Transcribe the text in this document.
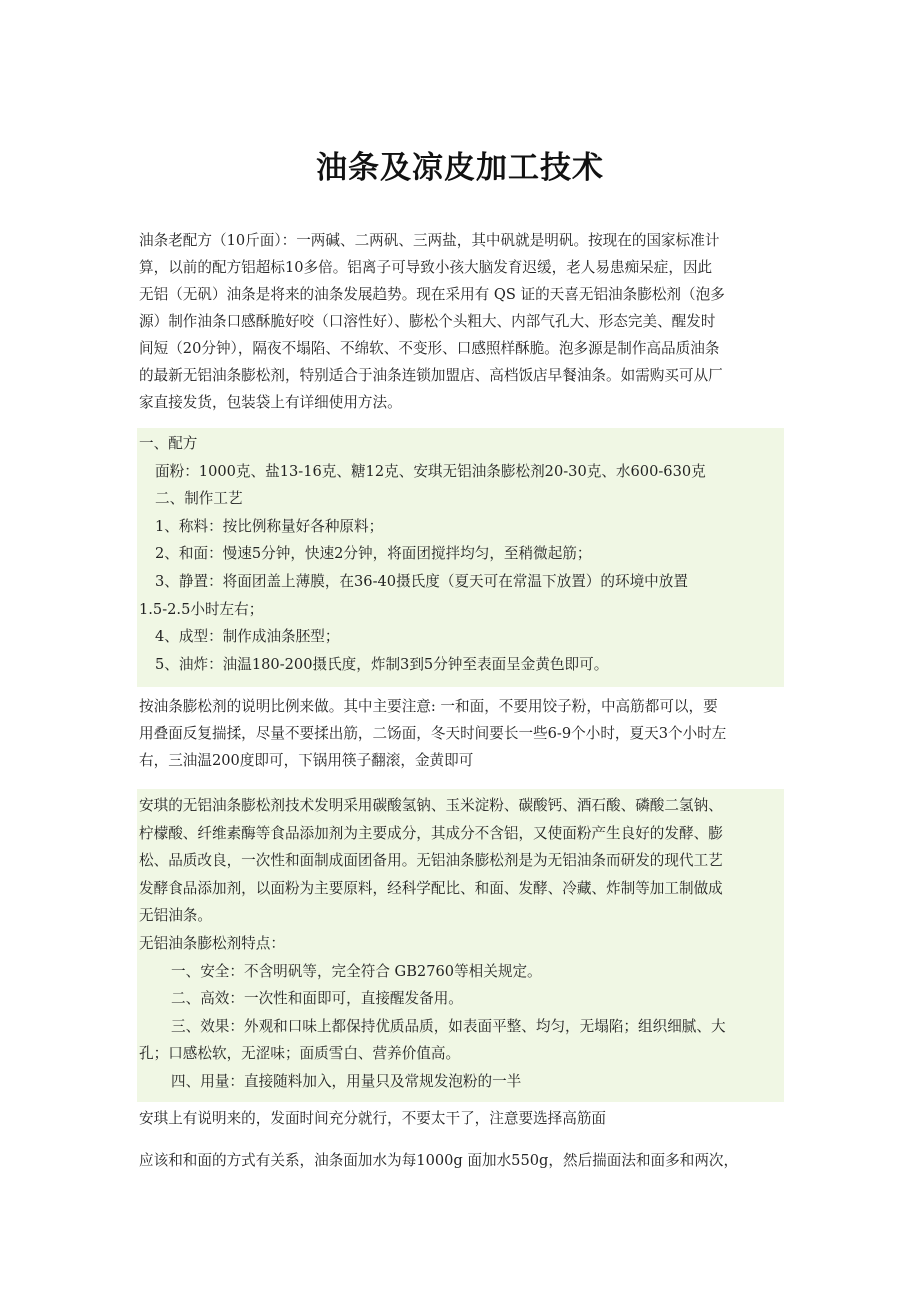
油条及凉皮加工技术

油条老配方（10斤面）：一两碱、二两矾、三两盐，其中矾就是明矾。按现在的国家标准计

算，以前的配方铝超标10多倍。铝离子可导致小孩大脑发育迟缓，老人易患痴呆症，因此

无铝（无矾）油条是将来的油条发展趋势。现在采用有 QS 证的天喜无铝油条膨松剂（泡多

源）制作油条口感酥脆好咬（口溶性好）、膨松个头粗大、内部气孔大、形态完美、醒发时

间短（20分钟），隔夜不塌陷、不绵软、不变形、口感照样酥脆。泡多源是制作高品质油条

的最新无铝油条膨松剂，特别适合于油条连锁加盟店、高档饭店早餐油条。如需购买可从厂

家直接发货，包装袋上有详细使用方法。

一、配方

面粉：1000克、盐13-16克、糖12克、安琪无铝油条膨松剂20-30克、水600-630克

二、制作工艺

1、称料：按比例称量好各种原料；

2、和面：慢速5分钟，快速2分钟，将面团搅拌均匀，至稍微起筋；

3、静置：将面团盖上薄膜，在36-40摄氏度（夏天可在常温下放置）的环境中放置

1.5-2.5小时左右；

4、成型：制作成油条胚型；

5、油炸：油温180-200摄氏度，炸制3到5分钟至表面呈金黄色即可。

按油条膨松剂的说明比例来做。其中主要注意: 一和面，不要用饺子粉，中高筋都可以，要

用叠面反复揣揉，尽量不要揉出筋，二饧面，冬天时间要长一些6-9个小时，夏天3个小时左

右，三油温200度即可，下锅用筷子翻滚，金黄即可

安琪的无铝油条膨松剂技术发明采用碳酸氢钠、玉米淀粉、碳酸钙、酒石酸、磷酸二氢钠、

柠檬酸、纤维素酶等食品添加剂为主要成分，其成分不含铝，又使面粉产生良好的发酵、膨

松、品质改良，一次性和面制成面团备用。无铝油条膨松剂是为无铝油条而研发的现代工艺

发酵食品添加剂，以面粉为主要原料，经科学配比、和面、发酵、冷藏、炸制等加工制做成

无铝油条。

无铝油条膨松剂特点：

一、安全：不含明矾等，完全符合 GB2760等相关规定。

二、高效：一次性和面即可，直接醒发备用。

三、效果：外观和口味上都保持优质品质，如表面平整、均匀，无塌陷；组织细腻、大

孔；口感松软，无涩味；面质雪白、营养价值高。

四、用量：直接随料加入，用量只及常规发泡粉的一半

安琪上有说明来的，发面时间充分就行，不要太干了，注意要选择高筋面

应该和和面的方式有关系，油条面加水为每1000g 面加水550g，然后揣面法和面多和两次，
